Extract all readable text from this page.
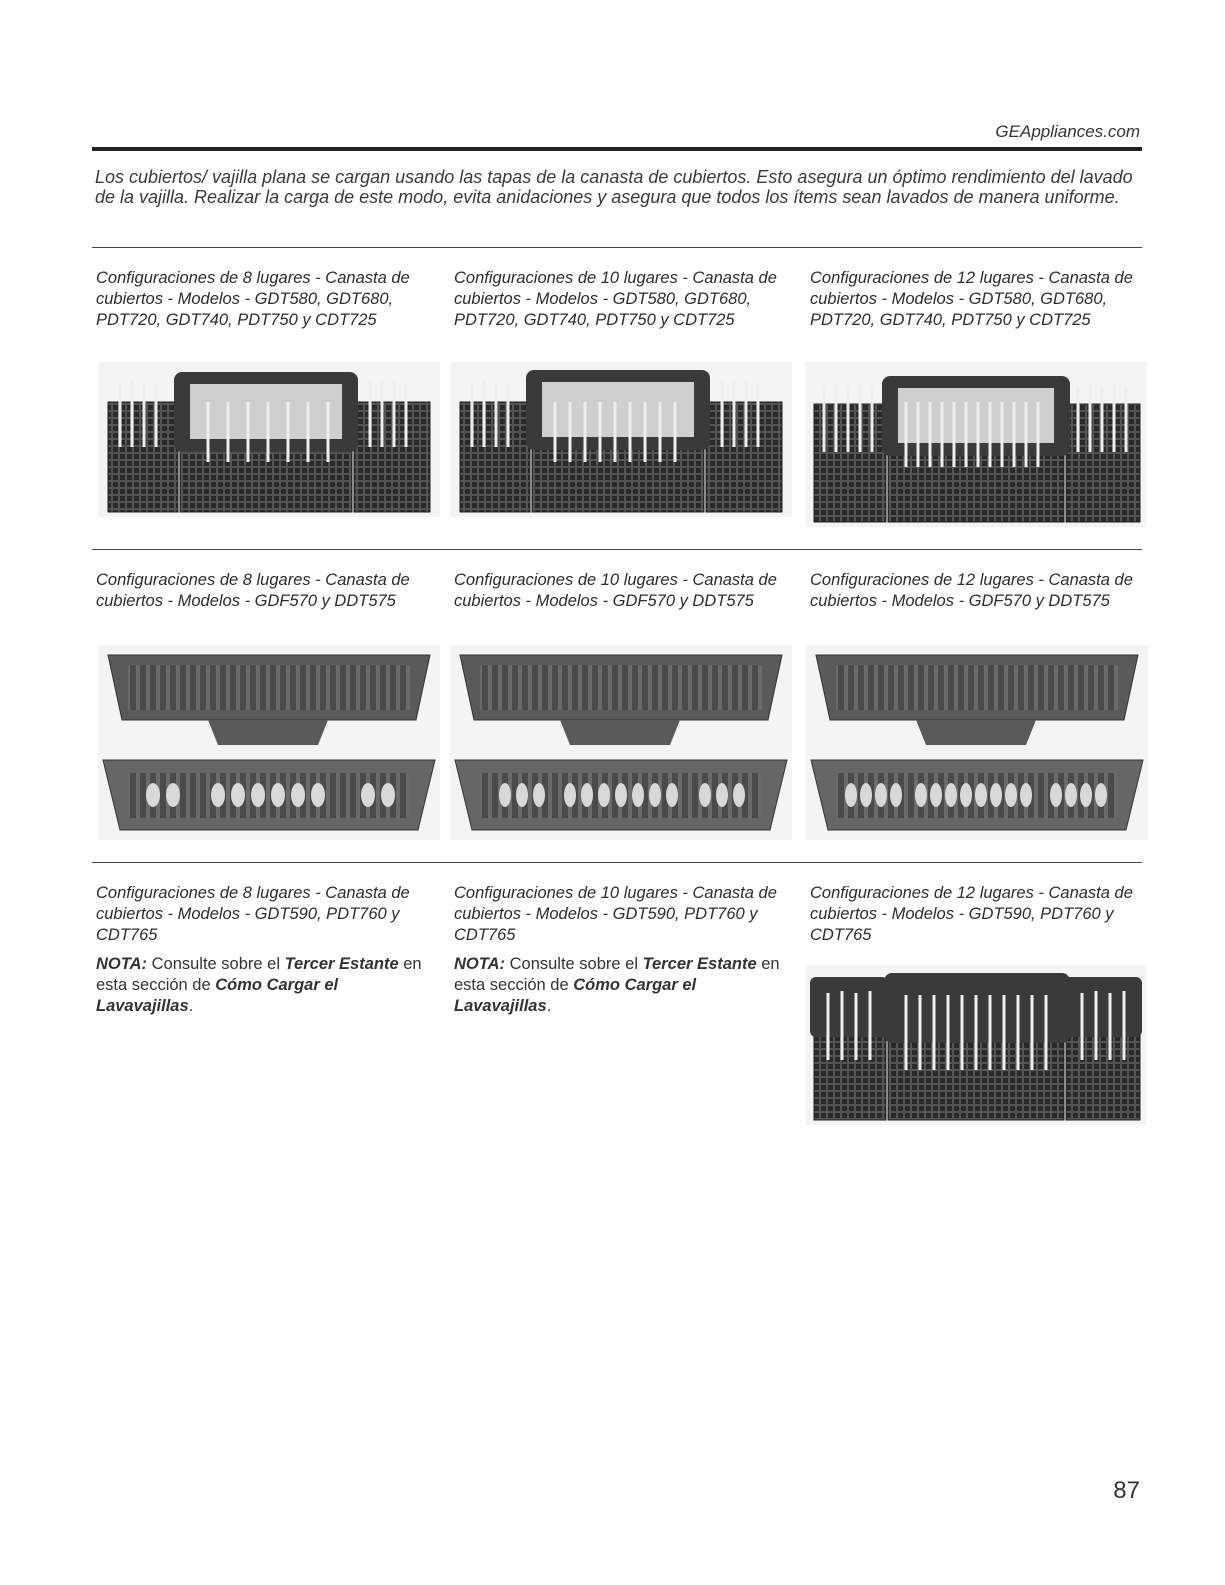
GEAppliances.com
Los cubiertos/ vajilla plana se cargan usando las tapas de la canasta de cubiertos. Esto asegura un óptimo rendimiento del lavado de la vajilla. Realizar la carga de este modo, evita anidaciones y asegura que todos los ítems sean lavados de manera uniforme.
Configuraciones de 8 lugares - Canasta de cubiertos - Modelos - GDT580, GDT680, PDT720, GDT740, PDT750 y CDT725
Configuraciones de 10 lugares - Canasta de cubiertos - Modelos - GDT580, GDT680, PDT720, GDT740, PDT750 y CDT725
Configuraciones de 12 lugares - Canasta de cubiertos - Modelos - GDT580, GDT680, PDT720, GDT740, PDT750 y CDT725
Configuraciones de 8 lugares - Canasta de cubiertos - Modelos - GDF570 y DDT575
Configuraciones de 10 lugares - Canasta de cubiertos - Modelos - GDF570 y DDT575
Configuraciones de 12 lugares - Canasta de cubiertos - Modelos - GDF570 y DDT575
Configuraciones de 8 lugares - Canasta de cubiertos - Modelos - GDT590, PDT760 y CDT765
NOTA: Consulte sobre el Tercer Estante en esta sección de Cómo Cargar el Lavavajillas.
Configuraciones de 10 lugares - Canasta de cubiertos - Modelos - GDT590, PDT760 y CDT765
NOTA: Consulte sobre el Tercer Estante en esta sección de Cómo Cargar el Lavavajillas.
Configuraciones de 12 lugares - Canasta de cubiertos - Modelos - GDT590, PDT760 y CDT765
87
